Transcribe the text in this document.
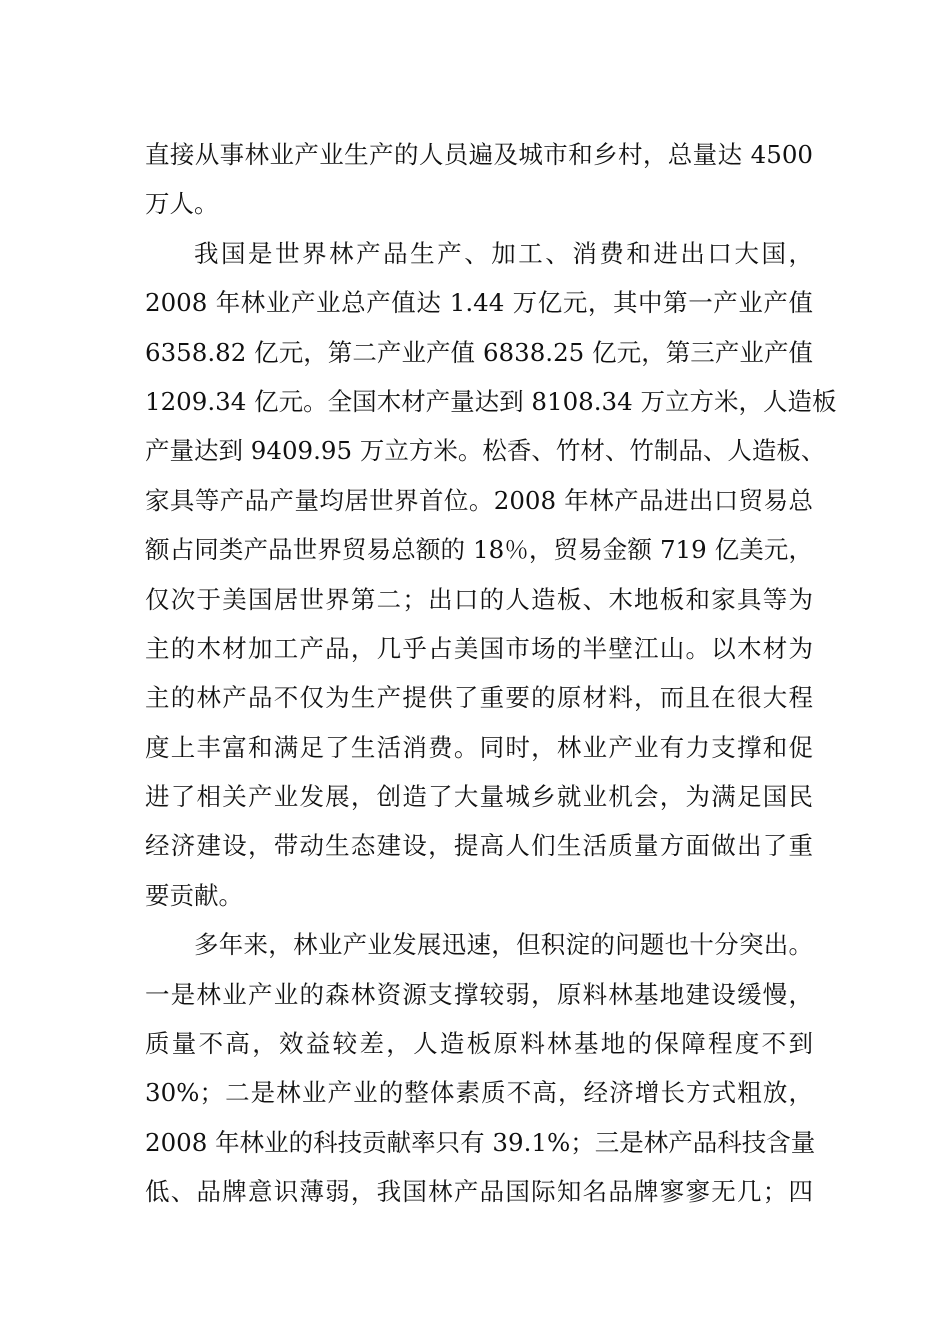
直接从事林业产业生产的人员遍及城市和乡村，总量达 4500
万人。
我国是世界林产品生产、加工、消费和进出口大国，
2008 年林业产业总产值达 1.44 万亿元，其中第一产业产值
6358.82 亿元，第二产业产值 6838.25 亿元，第三产业产值
1209.34 亿元。全国木材产量达到 8108.34 万立方米，人造板
产量达到 9409.95 万立方米。松香、竹材、竹制品、人造板、
家具等产品产量均居世界首位。2008 年林产品进出口贸易总
额占同类产品世界贸易总额的 18％，贸易金额 719 亿美元，
仅次于美国居世界第二；出口的人造板、木地板和家具等为
主的木材加工产品，几乎占美国市场的半壁江山。以木材为
主的林产品不仅为生产提供了重要的原材料，而且在很大程
度上丰富和满足了生活消费。同时，林业产业有力支撑和促
进了相关产业发展，创造了大量城乡就业机会，为满足国民
经济建设，带动生态建设，提高人们生活质量方面做出了重
要贡献。
多年来，林业产业发展迅速，但积淀的问题也十分突出。
一是林业产业的森林资源支撑较弱，原料林基地建设缓慢，
质量不高，效益较差，人造板原料林基地的保障程度不到
30%；二是林业产业的整体素质不高，经济增长方式粗放，
2008 年林业的科技贡献率只有 39.1%；三是林产品科技含量
低、品牌意识薄弱，我国林产品国际知名品牌寥寥无几；四
